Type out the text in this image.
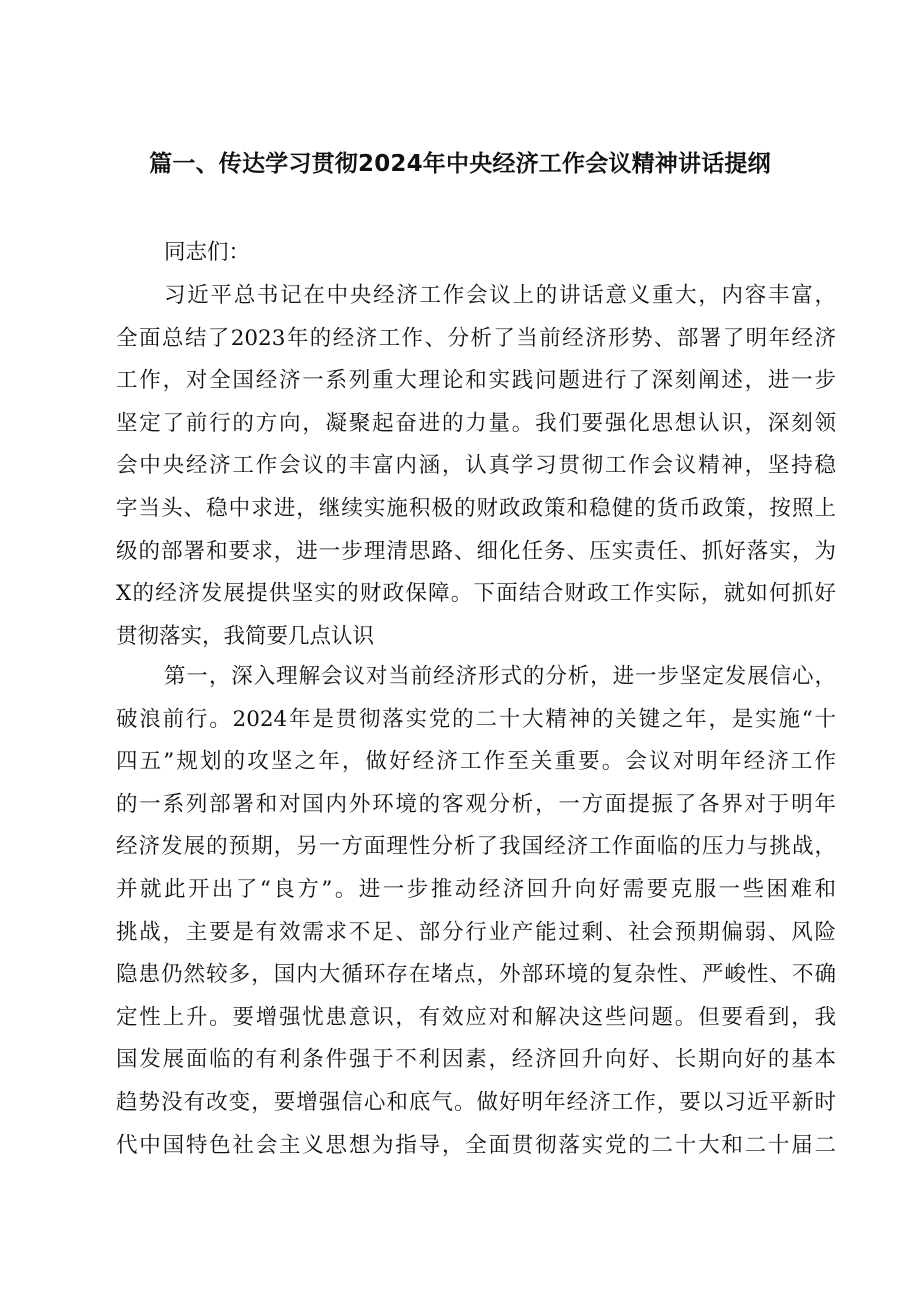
篇一、传达学习贯彻2024年中央经济工作会议精神讲话提纲
同志们：
习近平总书记在中央经济工作会议上的讲话意义重大，内容丰富，
全面总结了2023年的经济工作、分析了当前经济形势、部署了明年经济
工作，对全国经济一系列重大理论和实践问题进行了深刻阐述，进一步
坚定了前行的方向，凝聚起奋进的力量。我们要强化思想认识，深刻领
会中央经济工作会议的丰富内涵，认真学习贯彻工作会议精神，坚持稳
字当头、稳中求进，继续实施积极的财政政策和稳健的货币政策，按照上
级的部署和要求，进一步理清思路、细化任务、压实责任、抓好落实，为
X的经济发展提供坚实的财政保障。下面结合财政工作实际，就如何抓好
贯彻落实，我简要几点认识
第一，深入理解会议对当前经济形式的分析，进一步坚定发展信心，
破浪前行。2024年是贯彻落实党的二十大精神的关键之年，是实施“十
四五”规划的攻坚之年，做好经济工作至关重要。会议对明年经济工作
的一系列部署和对国内外环境的客观分析，一方面提振了各界对于明年
经济发展的预期，另一方面理性分析了我国经济工作面临的压力与挑战，
并就此开出了“良方”。进一步推动经济回升向好需要克服一些困难和
挑战，主要是有效需求不足、部分行业产能过剩、社会预期偏弱、风险
隐患仍然较多，国内大循环存在堵点，外部环境的复杂性、严峻性、不确
定性上升。要增强忧患意识，有效应对和解决这些问题。但要看到，我
国发展面临的有利条件强于不利因素，经济回升向好、长期向好的基本
趋势没有改变，要增强信心和底气。做好明年经济工作，要以习近平新时
代中国特色社会主义思想为指导，全面贯彻落实党的二十大和二十届二
